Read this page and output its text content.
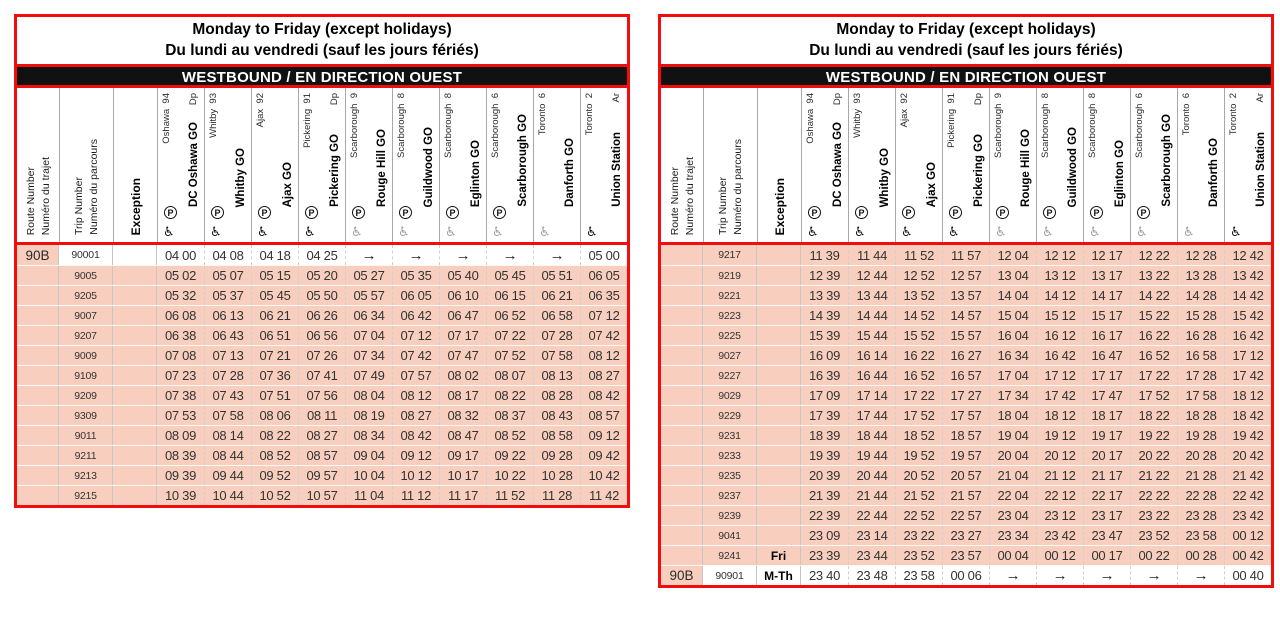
Monday to Friday (except holidays)
Du lundi au vendredi (sauf les jours fériés)
WESTBOUND / EN DIRECTION OUEST
Route Number Numéro du trajet Trip Number Numéro du parcours Exception
Oshawa  94 Dp
DC Oshawa GO
P
♿
Whitby  93
Whitby GO
P
♿
Ajax  92
Ajax GO
P
♿
Pickering  91 Dp
Pickering GO
P
♿
Scarborough  9
Rouge Hill GO
P
♿
Scarborough  8
Guildwood GO
P
♿
Scarborough  8
Eglinton GO
P
♿
Scarborough  6 Scarborough GO
P
♿
Toronto  6
Danforth GO
♿
Toronto  2 Ar
Union Station
♿
90B	90001	04 00	04 08	04 18	04 25	→	→	→	→	→	05 00
9005	05 02	05 07	05 15	05 20	05 27	05 35	05 40	05 45	05 51	06 05
9205	05 32	05 37	05 45	05 50	05 57	06 05	06 10	06 15	06 21	06 35
9007	06 08	06 13	06 21	06 26	06 34	06 42	06 47	06 52	06 58	07 12
9207	06 38	06 43	06 51	06 56	07 04	07 12	07 17	07 22	07 28	07 42
9009	07 08	07 13	07 21	07 26	07 34	07 42	07 47	07 52	07 58	08 12
9109	07 23	07 28	07 36	07 41	07 49	07 57	08 02	08 07	08 13	08 27
9209	07 38	07 43	07 51	07 56	08 04	08 12	08 17	08 22	08 28	08 42
9309	07 53	07 58	08 06	08 11	08 19	08 27	08 32	08 37	08 43	08 57
9011	08 09	08 14	08 22	08 27	08 34	08 42	08 47	08 52	08 58	09 12
9211	08 39	08 44	08 52	08 57	09 04	09 12	09 17	09 22	09 28	09 42
9213	09 39	09 44	09 52	09 57	10 04	10 12	10 17	10 22	10 28	10 42
9215	10 39	10 44	10 52	10 57	11 04	11 12	11 17	11 52	11 28	11 42
Monday to Friday (except holidays)
Du lundi au vendredi (sauf les jours fériés)
WESTBOUND / EN DIRECTION OUEST
Route Number Numéro du trajet Trip Number Numéro du parcours Exception
Oshawa  94 Dp
DC Oshawa GO
P
♿
Whitby  93
Whitby GO
P
♿
Ajax  92
Ajax GO
P
♿
Pickering  91 Dp
Pickering GO
P
♿
Scarborough  9
Rouge Hill GO
P
♿
Scarborough  8
Guildwood GO
P
♿
Scarborough  8
Eglinton GO
P
♿
Scarborough  6 Scarborough GO
P
♿
Toronto  6
Danforth GO
♿
Toronto  2 Ar
Union Station
♿
9217	11 39	11 44	11 52	11 57	12 04	12 12	12 17	12 22	12 28	12 42
9219	12 39	12 44	12 52	12 57	13 04	13 12	13 17	13 22	13 28	13 42
9221	13 39	13 44	13 52	13 57	14 04	14 12	14 17	14 22	14 28	14 42
9223	14 39	14 44	14 52	14 57	15 04	15 12	15 17	15 22	15 28	15 42
9225	15 39	15 44	15 52	15 57	16 04	16 12	16 17	16 22	16 28	16 42
9027	16 09	16 14	16 22	16 27	16 34	16 42	16 47	16 52	16 58	17 12
9227	16 39	16 44	16 52	16 57	17 04	17 12	17 17	17 22	17 28	17 42
9029	17 09	17 14	17 22	17 27	17 34	17 42	17 47	17 52	17 58	18 12
9229	17 39	17 44	17 52	17 57	18 04	18 12	18 17	18 22	18 28	18 42
9231	18 39	18 44	18 52	18 57	19 04	19 12	19 17	19 22	19 28	19 42
9233	19 39	19 44	19 52	19 57	20 04	20 12	20 17	20 22	20 28	20 42
9235	20 39	20 44	20 52	20 57	21 04	21 12	21 17	21 22	21 28	21 42
9237	21 39	21 44	21 52	21 57	22 04	22 12	22 17	22 22	22 28	22 42
9239	22 39	22 44	22 52	22 57	23 04	23 12	23 17	23 22	23 28	23 42
9041	23 09	23 14	23 22	23 27	23 34	23 42	23 47	23 52	23 58	00 12
9241	Fri	23 39	23 44	23 52	23 57	00 04	00 12	00 17	00 22	00 28	00 42
90B	90901	M-Th	23 40	23 48	23 58	00 06	→	→	→	→	→	00 40
